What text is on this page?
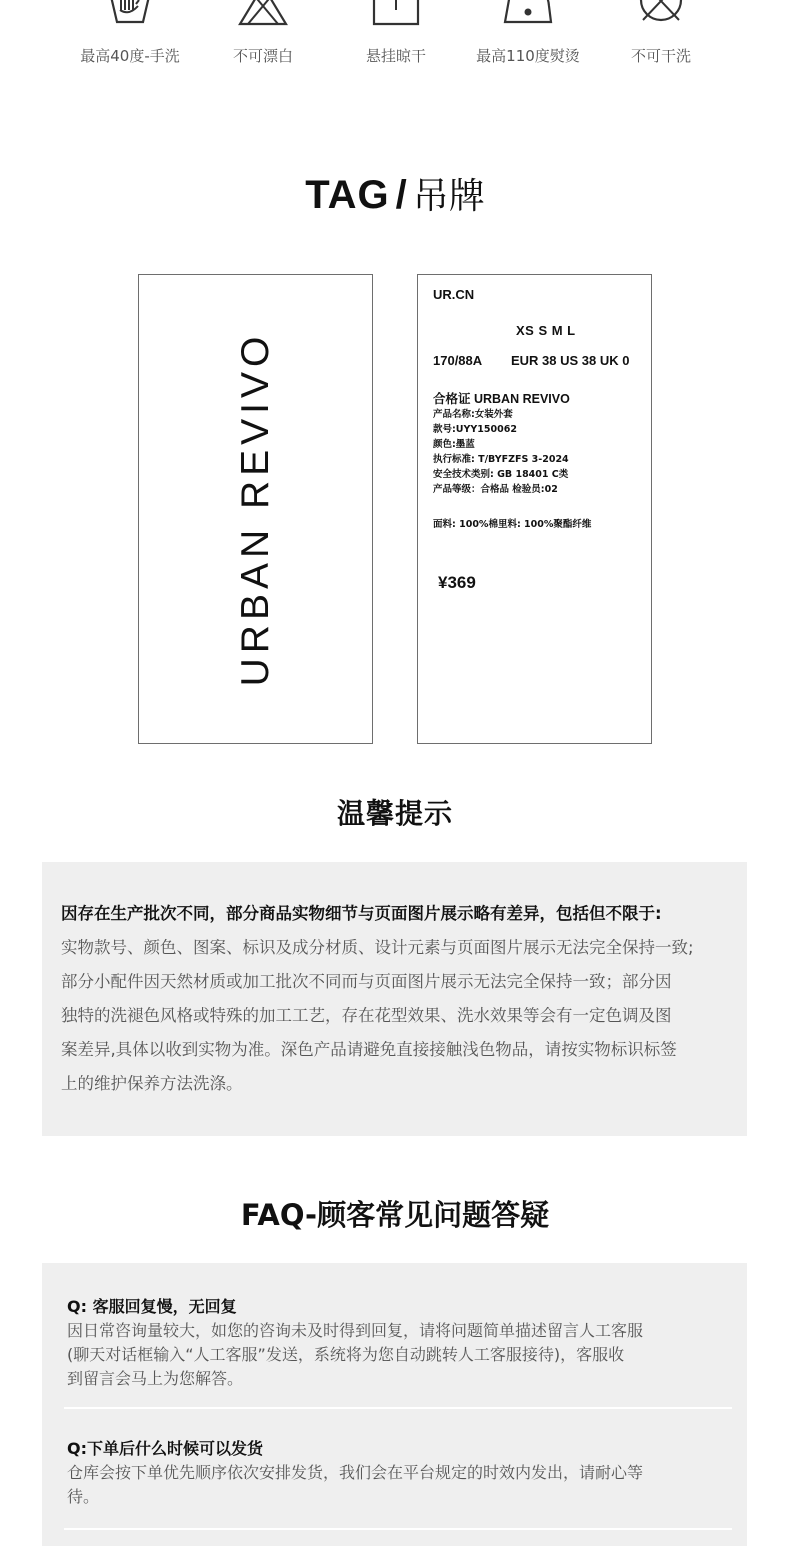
最高40度-手洗	不可漂白	悬挂晾干	最高110度熨烫	不可干洗
TAG / 吊牌
URBAN REVIVO
UR.CN
XS S M L
170/88A EUR 38 US 38 UK 0
合格证 URBAN REVIVO
产品名称:女装外套
款号:UYY150062
颜色:墨蓝
执行标准: T/BYFZFS 3-2024
安全技术类别: GB 18401 C类
产品等级：合格品 检验员:02
面料: 100%棉里料: 100%聚酯纤维
¥369
温馨提示
因存在生产批次不同，部分商品实物细节与页面图片展示略有差异，包括但不限于:
实物款号、颜色、图案、标识及成分材质、设计元素与页面图片展示无法完全保持一致;
部分小配件因天然材质或加工批次不同而与页面图片展示无法完全保持一致；部分因
独特的洗褪色风格或特殊的加工工艺，存在花型效果、洗水效果等会有一定色调及图
案差异,具体以收到实物为准。深色产品请避免直接接触浅色物品，请按实物标识标签
上的维护保养方法洗涤。
FAQ-顾客常见问题答疑
Q: 客服回复慢，无回复
因日常咨询量较大，如您的咨询未及时得到回复，请将问题简单描述留言人工客服
(聊天对话框输入“人工客服”发送，系统将为您自动跳转人工客服接待)，客服收
到留言会马上为您解答。
Q:下单后什么时候可以发货
仓库会按下单优先顺序依次安排发货，我们会在平台规定的时效内发出，请耐心等
待。
